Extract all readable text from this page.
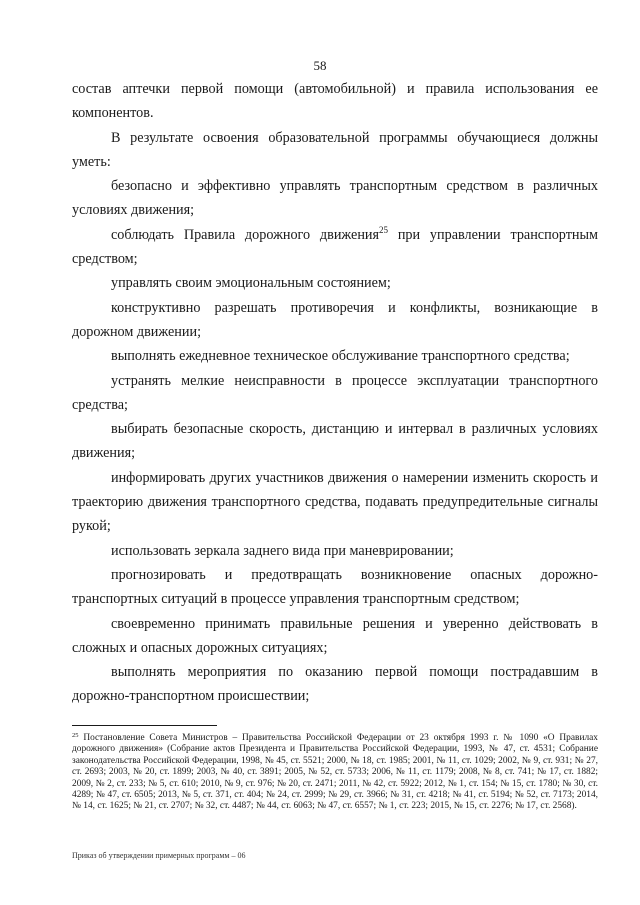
58

состав аптечки первой помощи (автомобильной) и правила использования ее компонентов.

В результате освоения образовательной программы обучающиеся должны уметь:

безопасно и эффективно управлять транспортным средством в различных условиях движения;

соблюдать Правила дорожного движения$^{25}$ при управлении транспортным средством;

управлять своим эмоциональным состоянием;

конструктивно разрешать противоречия и конфликты, возникающие в дорожном движении;

выполнять ежедневное техническое обслуживание транспортного средства;

устранять мелкие неисправности в процессе эксплуатации транспортного средства;

выбирать безопасные скорость, дистанцию и интервал в различных условиях движения;

информировать других участников движения о намерении изменить скорость и траекторию движения транспортного средства, подавать предупредительные сигналы рукой;

использовать зеркала заднего вида при маневрировании;

прогнозировать и предотвращать возникновение опасных дорожно-транспортных ситуаций в процессе управления транспортным средством;

своевременно принимать правильные решения и уверенно действовать в сложных и опасных дорожных ситуациях;

выполнять мероприятия по оказанию первой помощи пострадавшим в дорожно-транспортном происшествии;

$^{25}$ Постановление Совета Министров – Правительства Российской Федерации от 23 октября 1993 г. № 1090 «О Правилах дорожного движения» (Собрание актов Президента и Правительства Российской Федерации, 1993, № 47, ст. 4531; Собрание законодательства Российской Федерации, 1998, № 45, ст. 5521; 2000, № 18, ст. 1985; 2001, № 11, ст. 1029; 2002, № 9, ст. 931; № 27, ст. 2693; 2003, № 20, ст. 1899; 2003, № 40, ст. 3891; 2005, № 52, ст. 5733; 2006, № 11, ст. 1179; 2008, № 8, ст. 741; № 17, ст. 1882; 2009, № 2, ст. 233; № 5, ст. 610; 2010, № 9, ст. 976; № 20, ст. 2471; 2011, № 42, ст. 5922; 2012, № 1, ст. 154; № 15, ст. 1780; № 30, ст. 4289; № 47, ст. 6505; 2013, № 5, ст. 371, ст. 404; № 24, ст. 2999; № 29, ст. 3966; № 31, ст. 4218; № 41, ст. 5194; № 52, ст. 7173; 2014, № 14, ст. 1625; № 21, ст. 2707; № 32, ст. 4487; № 44, ст. 6063; № 47, ст. 6557; № 1, ст. 223; 2015, № 15, ст. 2276; № 17, ст. 2568).
Приказ об утверждении примерных программ – 06
